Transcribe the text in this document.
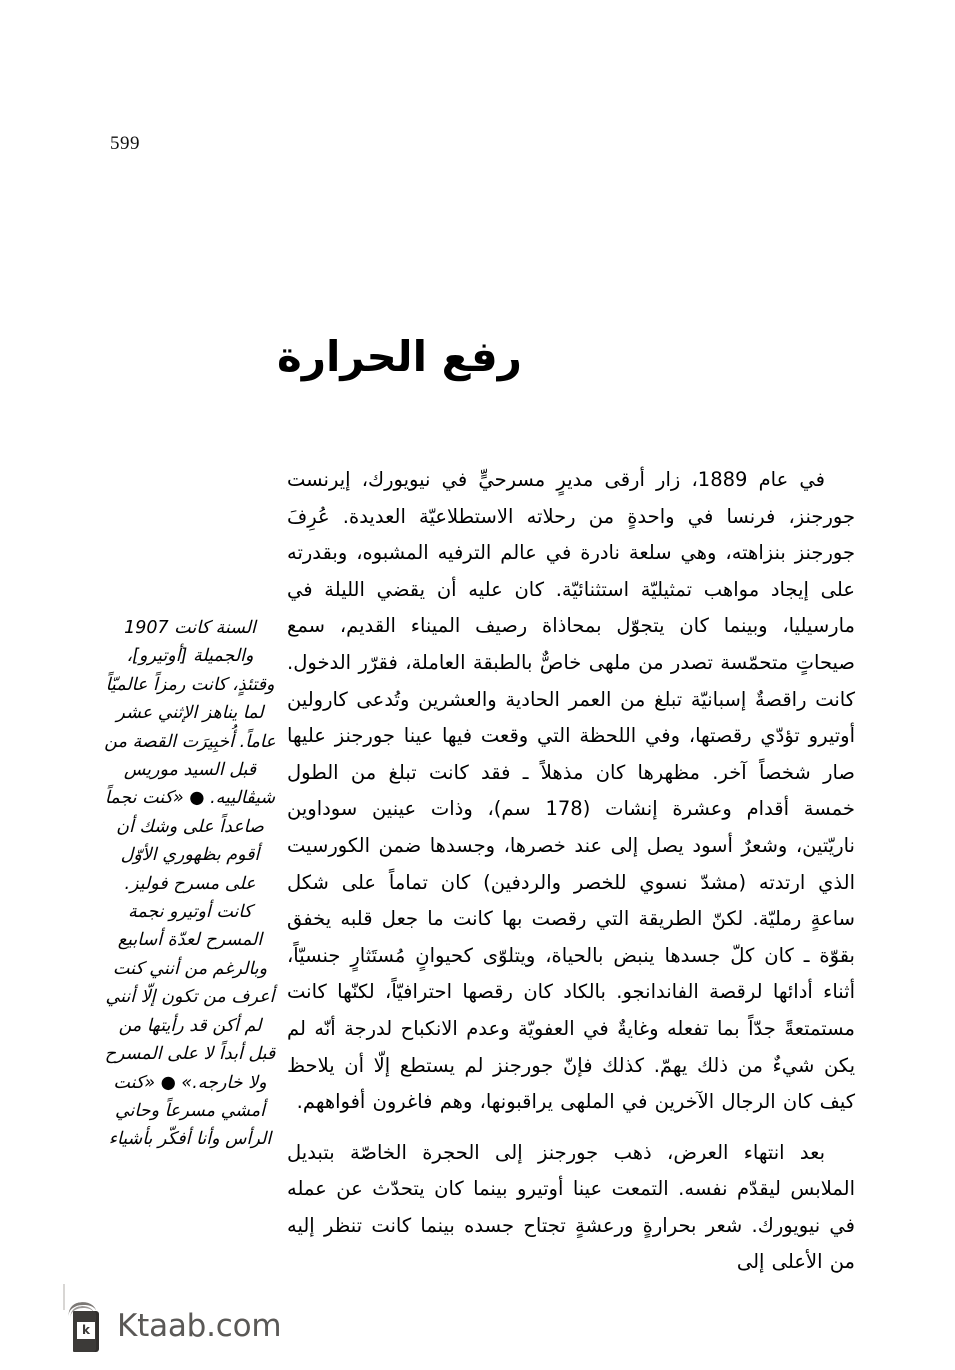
599
رفع الحرارة

في عام 1889، زار أرقى مديرٍ مسرحيٍّ في نيويورك، إيرنست جورجنز، فرنسا في واحدةٍ من رحلاته الاستطلاعيّة العديدة. عُرِفَ جورجنز بنزاهته، وهي سلعة نادرة في عالم الترفيه المشبوه، وبقدرته على إيجاد مواهب تمثيليّة استثنائيّة. كان عليه أن يقضي الليلة في مارسيليا، وبينما كان يتجوّل بمحاذاة رصيف الميناء القديم، سمع صيحاتٍ متحمّسة تصدر من ملهى خاصٌّ بالطبقة العاملة، فقرّر الدخول. كانت راقصةٌ إسبانيّة تبلغ من العمر الحادية والعشرين وتُدعى كارولين أوتيرو تؤدّي رقصتها، وفي اللحظة التي وقعت فيها عينا جورجنز عليها صار شخصاً آخر. مظهرها كان مذهلاً ـ فقد كانت تبلغ من الطول خمسة أقدام وعشرة إنشات (178 سم)، وذات عينين سوداوين ناريّتين، وشعرٌ أسود يصل إلى عند خصرها، وجسدها ضمن الكورسيت الذي ارتدته (مشدّ نسوي للخصر والردفين) كان تماماً على شكل ساعةٍ رمليّة. لكنّ الطريقة التي رقصت بها كانت ما جعل قلبه يخفق بقوّة ـ كان كلّ جسدها ينبض بالحياة، ويتلوّى كحيوانٍ مُستَثارٍ جنسيّاً، أثناء أدائها لرقصة الفاندانجو. بالكاد كان رقصها احترافيّاً، لكنّها كانت مستمتعةً جدّاً بما تفعله وغايةٌ في العفويّة وعدم الانكباح لدرجة أنّه لم يكن شيءٌ من ذلك يهمّ. كذلك فإنّ جورجنز لم يستطع إلّا أن يلاحظ كيف كان الرجال الآخرين في الملهى يراقبونها، وهم فاغرون أفواههم.

بعد انتهاء العرض، ذهب جورجنز إلى الحجرة الخاصّة بتبديل الملابس ليقدّم نفسه. التمعت عينا أوتيرو بينما كان يتحدّث عن عمله في نيويورك. شعر بحرارةٍ ورعشةٍ تجتاح جسده بينما كانت تنظر إليه من الأعلى إلى

السنة كانت 1907 والجميلة [أوتيرو]، وقتئذٍ، كانت رمزاً عالميّاً لما يناهز الإثني عشر عاماً. أُخبِيرَت القصة من قبل السيد موريس شيڤالييه. ● «كنت نجماً صاعداً على وشك أن أقوم بظهوري الأوّل على مسرح فوليز. كانت أوتيرو نجمة المسرح لعدّة أسابيع وبالرغم من أنني كنت أعرف من تكون إلّا أنني لم أكن قد رأيتها من قبل أبداً لا على المسرح ولا خارجه.» ● «كنت أمشي مسرعاً وحاني الرأس وأنا أفكّر بأشياء

k Ktaab.com
